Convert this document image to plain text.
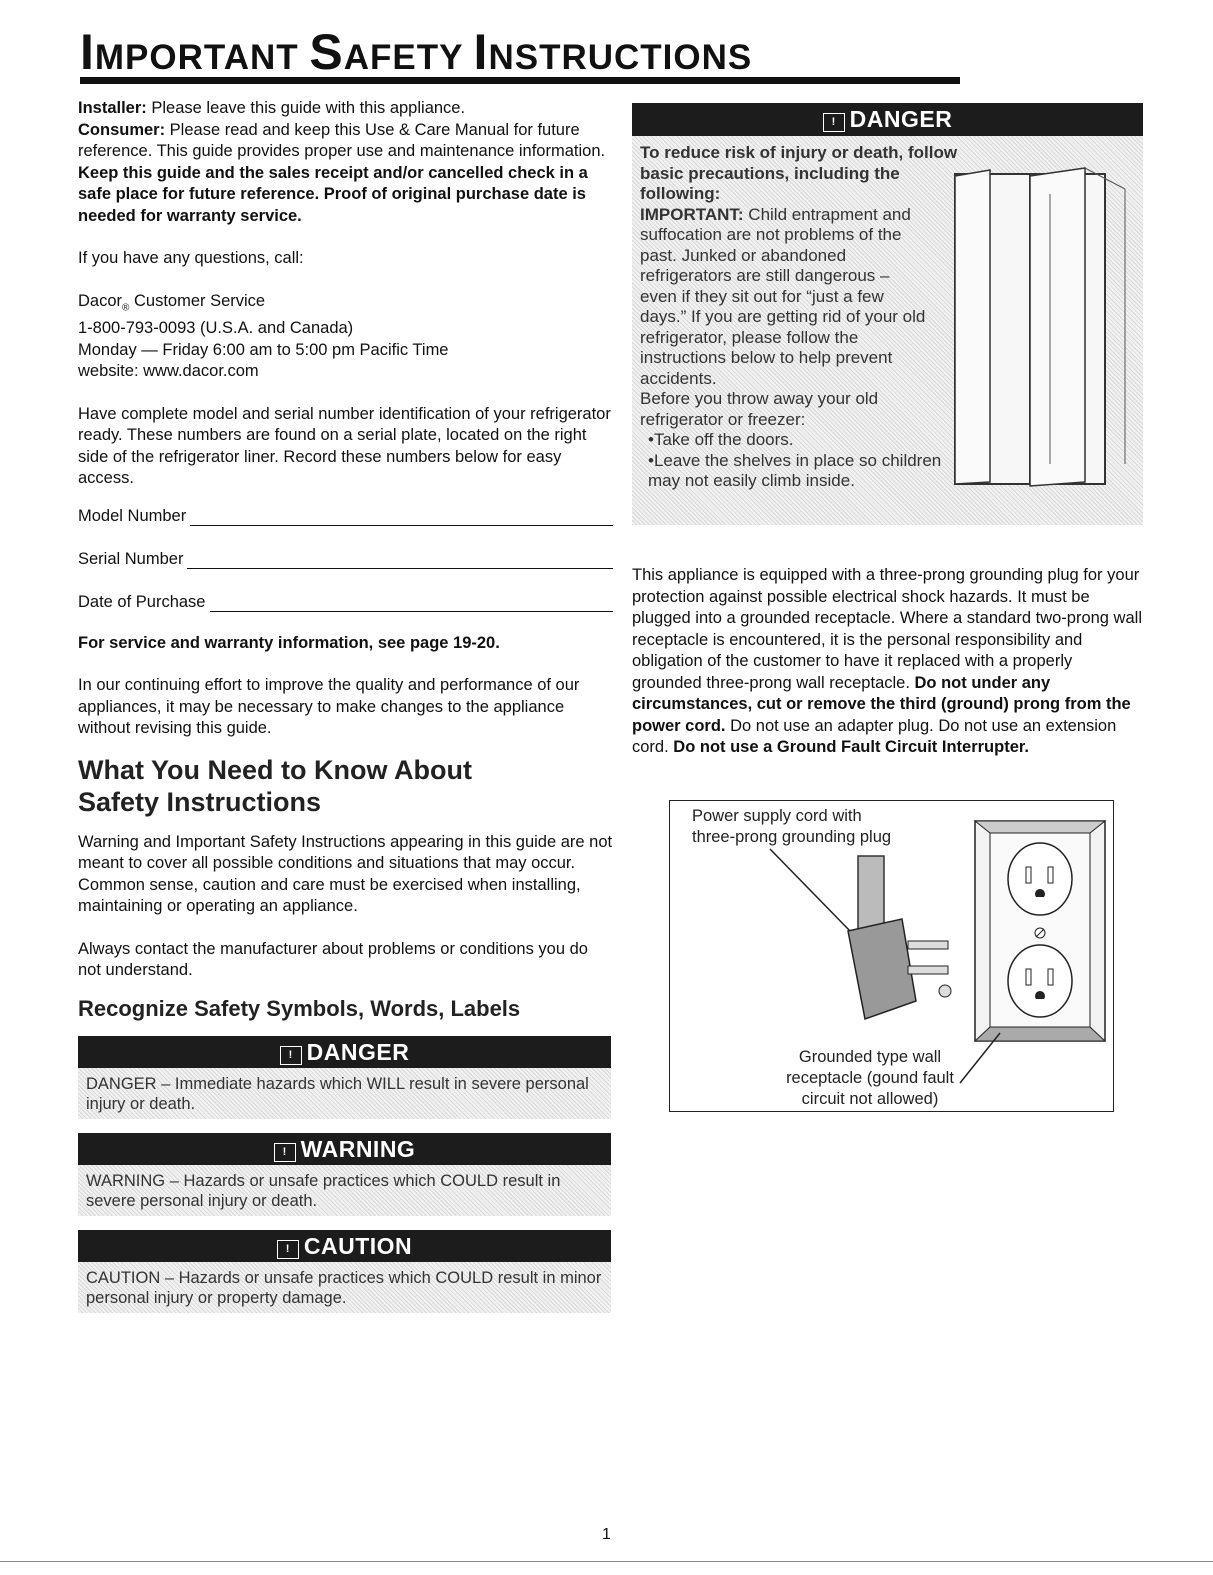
IMPORTANT SAFETY INSTRUCTIONS

Installer: Please leave this guide with this appliance.

Consumer: Please read and keep this Use & Care Manual for future reference. This guide provides proper use and maintenance information. Keep this guide and the sales receipt and/or cancelled check in a safe place for future reference. Proof of original purchase date is needed for warranty service.

If you have any questions, call:

Dacor$_®$ Customer Service

1-800-793-0093 (U.S.A. and Canada)

Monday — Friday 6:00 am to 5:00 pm Pacific Time

website: www.dacor.com

Have complete model and serial number identification of your refrigerator ready. These numbers are found on a serial plate, located on the right side of the refrigerator liner. Record these numbers below for easy access.

Model Number
Serial Number
Date of Purchase

For service and warranty information, see page 19-20.

In our continuing effort to improve the quality and performance of our appliances, it may be necessary to make changes to the appliance without revising this guide.

What You Need to Know About
Safety Instructions

Warning and Important Safety Instructions appearing in this guide are not meant to cover all possible conditions and situations that may occur. Common sense, caution and care must be exercised when installing, maintaining or operating an appliance.

Always contact the manufacturer about problems or conditions you do not understand.

Recognize Safety Symbols, Words, Labels
! DANGER
DANGER – Immediate hazards which WILL result in severe personal injury or death.
! WARNING
WARNING – Hazards or unsafe practices which COULD result in severe personal injury or death.
! CAUTION
CAUTION – Hazards or unsafe practices which COULD result in minor personal injury or property damage.
! DANGER

To reduce risk of injury or death, follow basic precautions, including the following:

IMPORTANT: Child entrapment and suffocation are not problems of the past. Junked or abandoned refrigerators are still dangerous – even if they sit out for “just a few days.” If you are getting rid of your old refrigerator, please follow the instructions below to help prevent accidents.

Before you throw away your old refrigerator or freezer:

•Take off the doors.

•Leave the shelves in place so children may not easily climb inside.

This appliance is equipped with a three-prong grounding plug for your protection against possible electrical shock hazards. It must be plugged into a grounded receptacle. Where a standard two-prong wall receptacle is encountered, it is the personal responsibility and obligation of the customer to have it replaced with a properly grounded three-prong wall receptacle. Do not under any circumstances, cut or remove the third (ground) prong from the power cord. Do not use an adapter plug. Do not use an extension cord. Do not use a Ground Fault Circuit Interrupter.

Power supply cord with
three-prong grounding plug
Grounded type wall
receptacle (gound fault
circuit not allowed)
1
